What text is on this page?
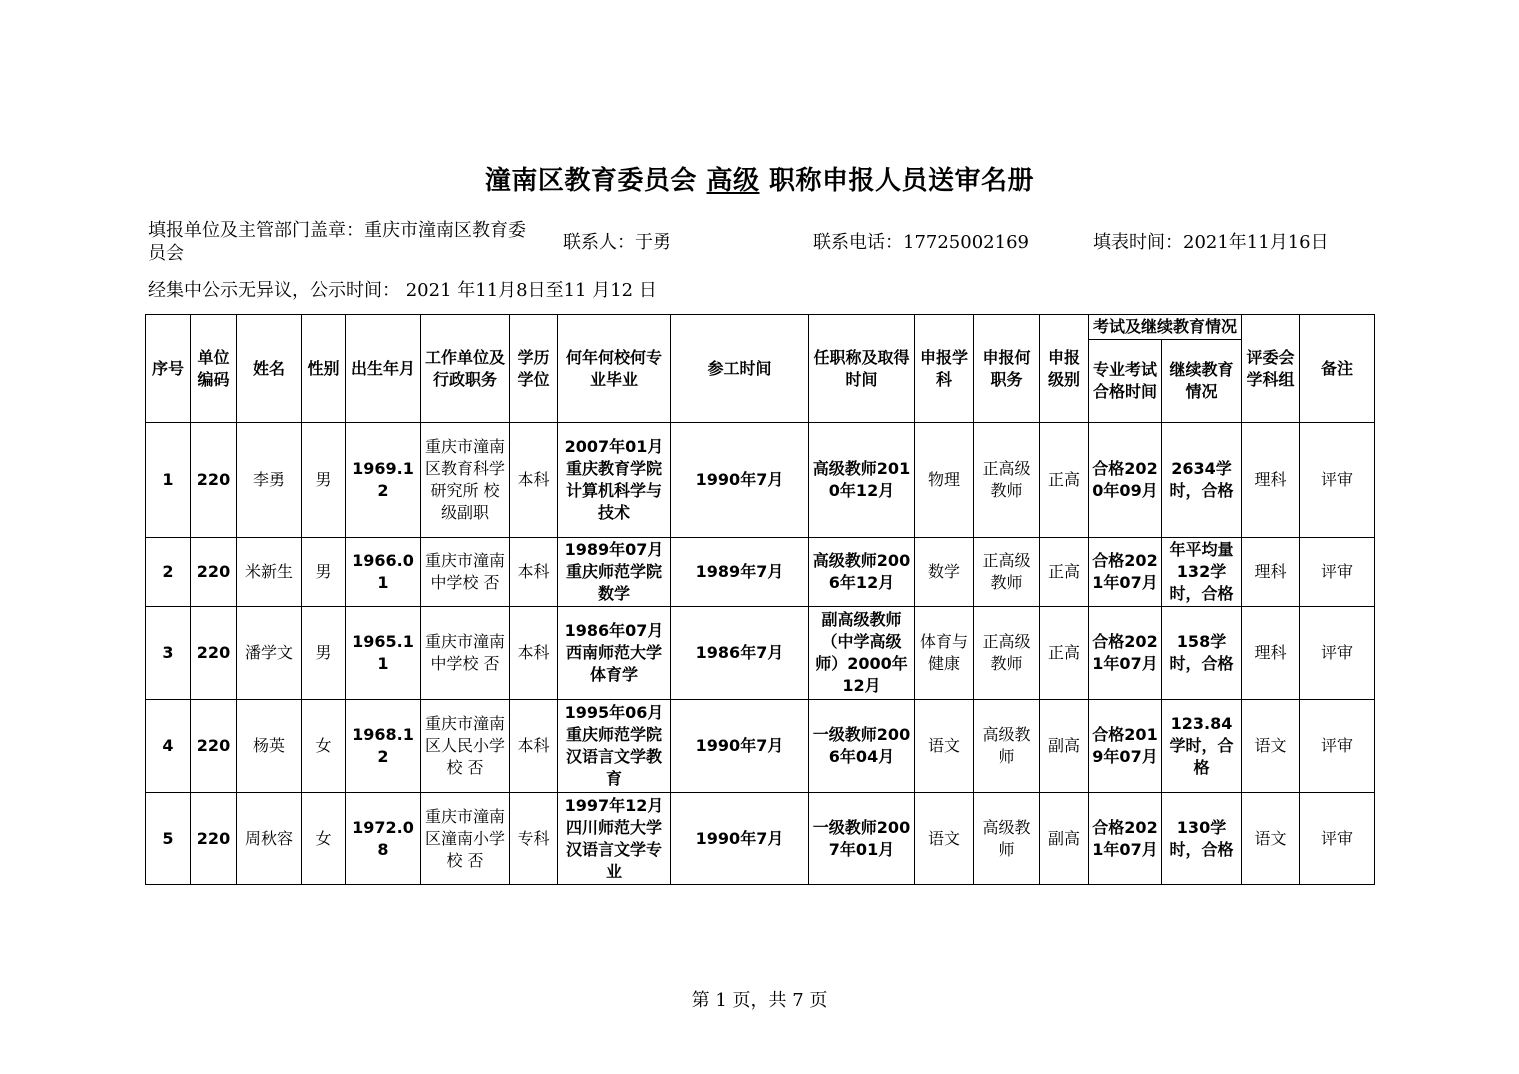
潼南区教育委员会 高级 职称申报人员送审名册
填报单位及主管部门盖章：重庆市潼南区教育委员会
联系人：于勇	联系电话：17725002169	填表时间：2021年11月16日
经集中公示无异议，公示时间： 2021 年11月8日至11 月12 日
序号	单位编码	姓名	性别	出生年月	工作单位及行政职务	学历学位	何年何校何专业毕业	参工时间	任职称及取得时间	申报学科	申报何职务	申报级别	考试及继续教育情况		评委会学科组	备注
													专业考试合格时间	继续教育情况		
1	220	李勇	男	1969.12	重庆市潼南区教育科学研究所 校级副职	本科	2007年01月重庆教育学院计算机科学与技术	1990年7月	高级教师2010年12月	物理	正高级教师	正高	合格2020年09月	2634学时，合格	理科	评审
2	220	米新生	男	1966.01	重庆市潼南中学校 否	本科	1989年07月重庆师范学院数学	1989年7月	高级教师2006年12月	数学	正高级教师	正高	合格2021年07月	年平均量132学时，合格	理科	评审
3	220	潘学文	男	1965.11	重庆市潼南中学校 否	本科	1986年07月西南师范大学 体育学	1986年7月	副高级教师（中学高级师）2000年12月	体育与健康	正高级教师	正高	合格2021年07月	158学时，合格	理科	评审
4	220	杨英	女	1968.12	重庆市潼南区人民小学校 否	本科	1995年06月重庆师范学院汉语言文学教育	1990年7月	一级教师2006年04月	语文	高级教师	副高	合格2019年07月	123.84学时，合格	语文	评审
5	220	周秋容	女	1972.08	重庆市潼南区潼南小学校 否	专科	1997年12月四川师范大学汉语言文学专业	1990年7月	一级教师2007年01月	语文	高级教师	副高	合格2021年07月	130学时，合格	语文	评审
第 1 页，共 7 页
